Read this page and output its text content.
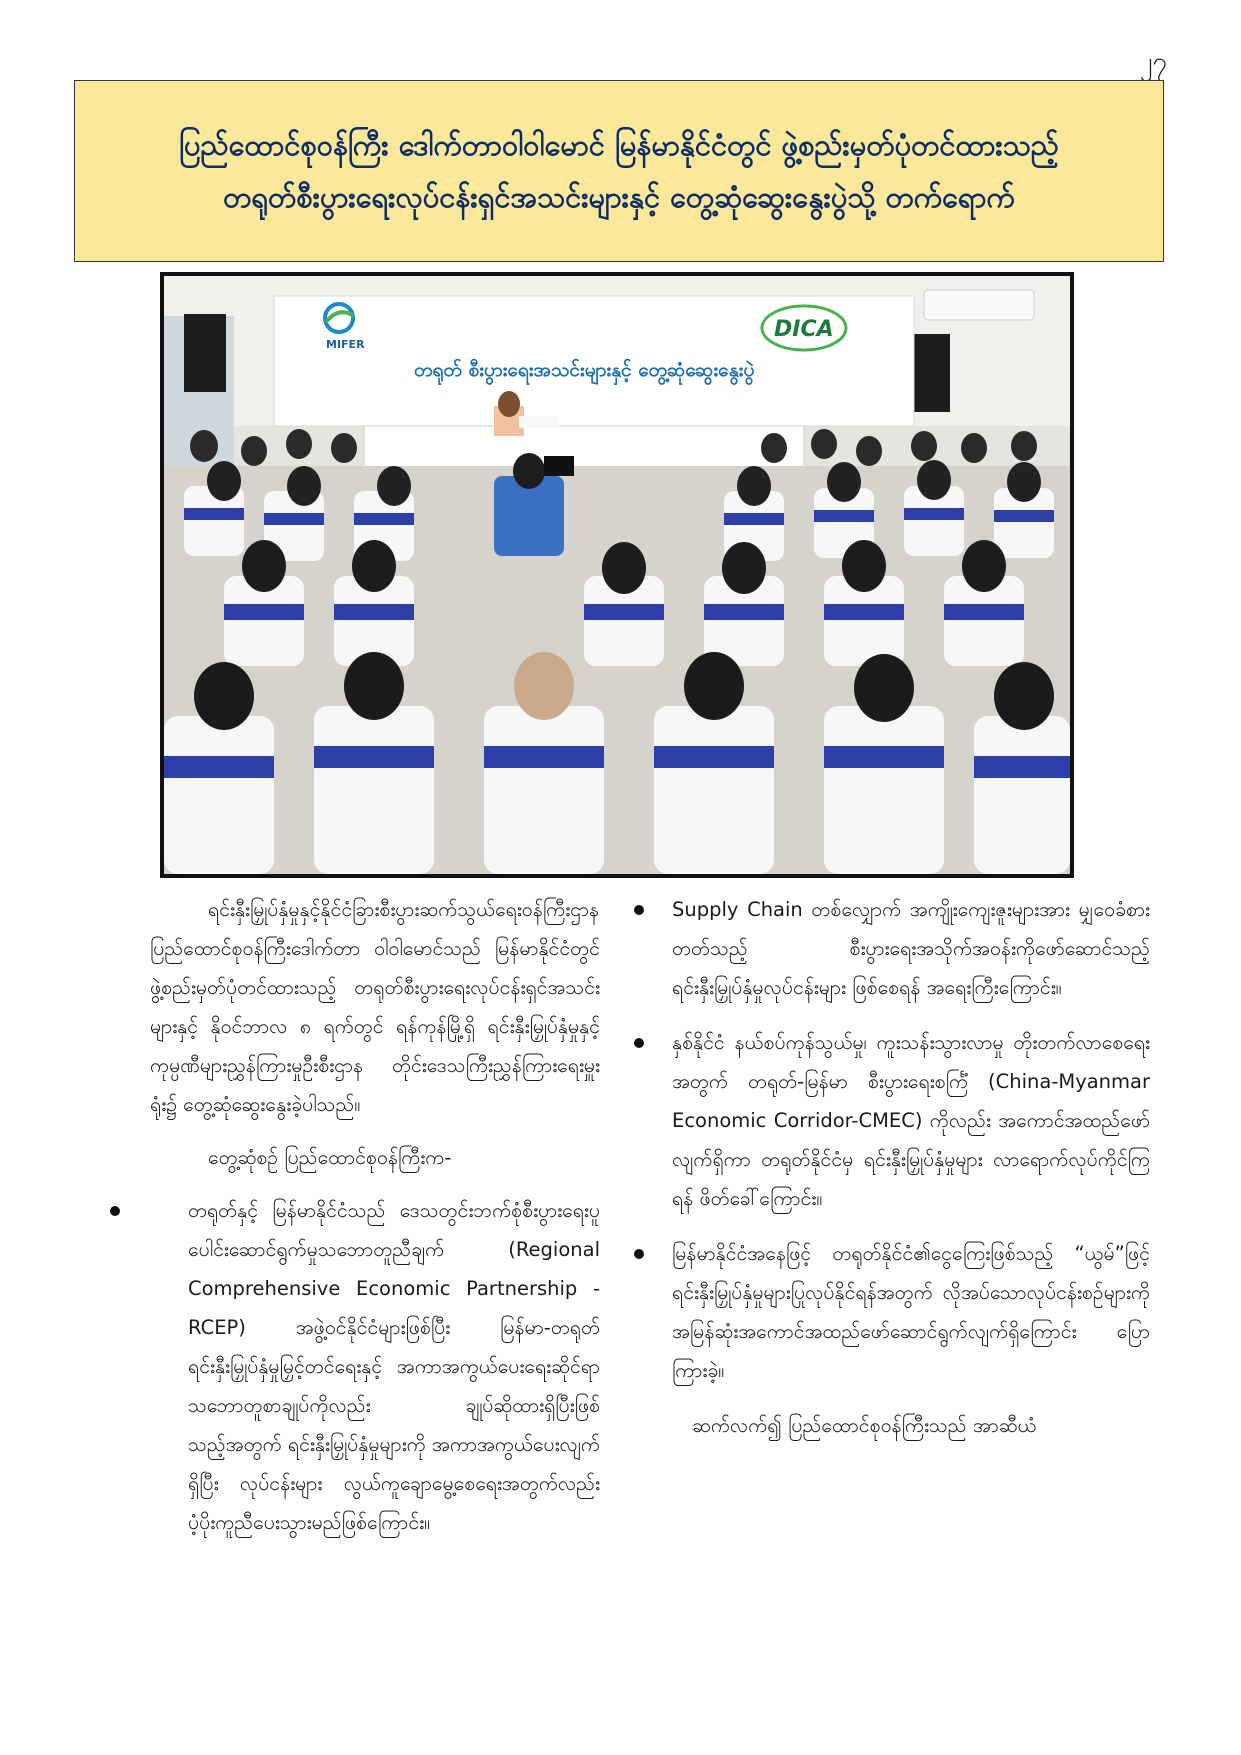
၂၇
ပြည်ထောင်စုဝန်ကြီး ဒေါက်တာဝါဝါမောင် မြန်မာနိုင်ငံတွင် ဖွဲ့စည်းမှတ်ပုံတင်ထားသည့်
တရုတ်စီးပွားရေးလုပ်ငန်းရှင်အသင်းများနှင့် တွေ့ဆုံဆွေးနွေးပွဲသို့ တက်ရောက်
MIFER
DICA
တရုတ် စီးပွားရေးအသင်းများနှင့် တွေ့ဆုံဆွေးနွေးပွဲ

ရင်းနှီးမြှုပ်နှံမှုနှင့်နိုင်ငံခြားစီးပွားဆက်သွယ်ရေးဝန်ကြီးဌာန ပြည်ထောင်စုဝန်ကြီးဒေါက်တာ ဝါဝါမောင်သည် မြန်မာနိုင်ငံတွင် ဖွဲ့စည်းမှတ်ပုံတင်ထားသည့် တရုတ်စီးပွားရေးလုပ်ငန်းရှင်အသင်းများနှင့် နိုဝင်ဘာလ ၈ ရက်တွင် ရန်ကုန်မြို့ရှိ ရင်းနှီးမြှုပ်နှံမှုနှင့် ကုမ္ပဏီများညွှန်ကြားမှုဦးစီးဌာန တိုင်းဒေသကြီးညွှန်ကြားရေးမှူးရုံး၌ တွေ့ဆုံဆွေးနွေးခဲ့ပါသည်။

တွေ့ဆုံစဉ် ပြည်ထောင်စုဝန်ကြီးက-

တရုတ်နှင့် မြန်မာနိုင်ငံသည် ဒေသတွင်းဘက်စုံစီးပွားရေးပူပေါင်းဆောင်ရွက်မှုသဘောတူညီချက် (Regional Comprehensive Economic Partnership -RCEP) အဖွဲ့ဝင်နိုင်ငံများဖြစ်ပြီး မြန်မာ-တရုတ် ရင်းနှီးမြှုပ်နှံမှုမြှင့်တင်ရေးနှင့် အကာအကွယ်ပေးရေးဆိုင်ရာသဘောတူစာချုပ်ကိုလည်း ချုပ်ဆိုထားရှိပြီးဖြစ်သည့်အတွက် ရင်းနှီးမြှုပ်နှံမှုများကို အကာအကွယ်ပေးလျက်ရှိပြီး လုပ်ငန်းများ လွယ်ကူချောမွေ့စေရေးအတွက်လည်း ပံ့ပိုးကူညီပေးသွားမည်ဖြစ်ကြောင်း။
Supply Chain တစ်လျှောက် အကျိုးကျေးဇူးများအား မျှဝေခံစားတတ်သည့် စီးပွားရေးအသိုက်အဝန်းကိုဖော်ဆောင်သည့် ရင်းနှီးမြှုပ်နှံမှုလုပ်ငန်းများ ဖြစ်စေရန် အရေးကြီးကြောင်း။
နှစ်နိုင်ငံ နယ်စပ်ကုန်သွယ်မှု၊ ကူးသန်းသွားလာမှု တိုးတက်လာစေရေးအတွက် တရုတ်-မြန်မာ စီးပွားရေးစင်္ကြံ (China-Myanmar Economic Corridor-CMEC) ကိုလည်း အကောင်အထည်ဖော်လျက်ရှိကာ တရုတ်နိုင်ငံမှ ရင်းနှီးမြှုပ်နှံမှုများ လာရောက်လုပ်ကိုင်ကြရန် ဖိတ်ခေါ်ကြောင်း။
မြန်မာနိုင်ငံအနေဖြင့် တရုတ်နိုင်ငံ၏ငွေကြေးဖြစ်သည့် “ယွမ်”ဖြင့် ရင်းနှီးမြှုပ်နှံမှုများပြုလုပ်နိုင်ရန်အတွက် လိုအပ်သောလုပ်ငန်းစဉ်များကို အမြန်ဆုံးအကောင်အထည်ဖော်ဆောင်ရွက်လျက်ရှိကြောင်း ပြောကြားခဲ့။

ဆက်လက်၍ ပြည်ထောင်စုဝန်ကြီးသည် အာဆီယံ
